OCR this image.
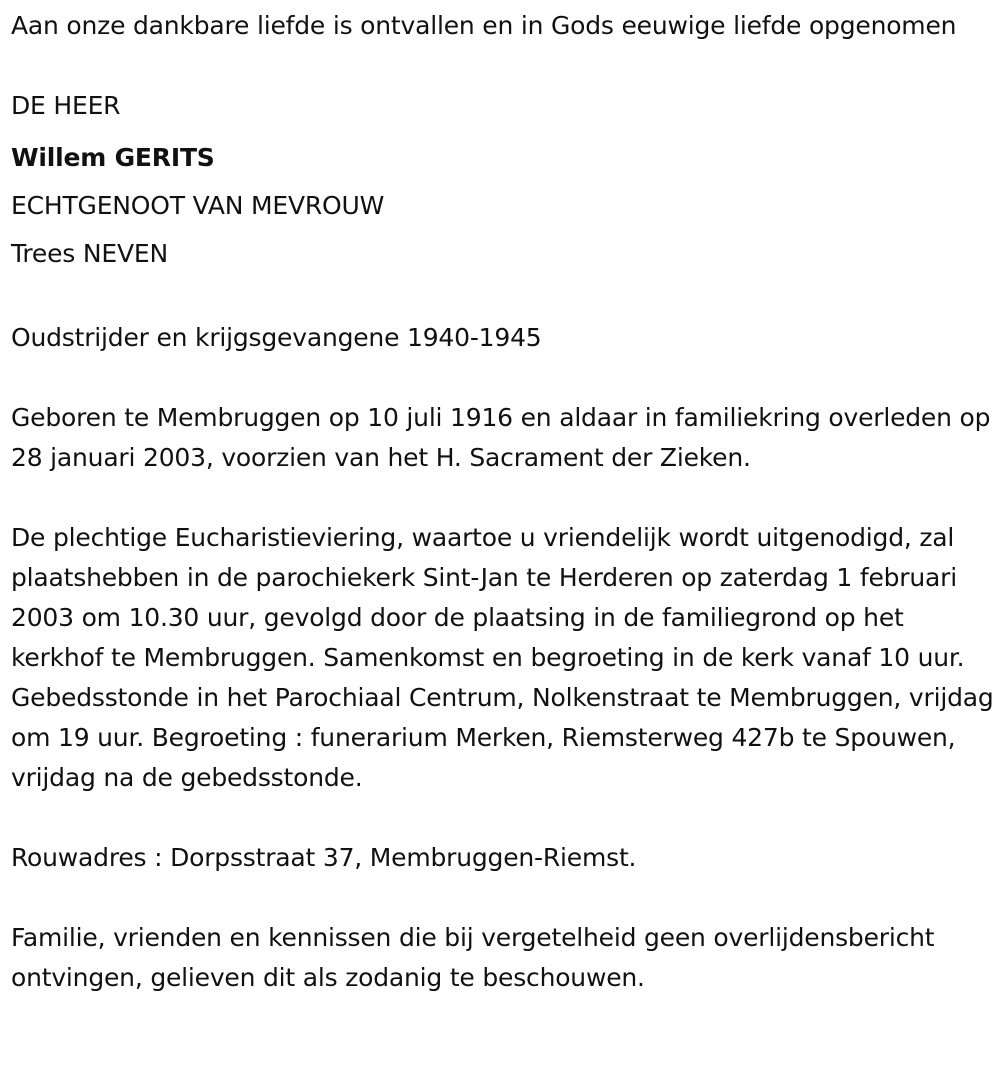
Aan onze dankbare liefde is ontvallen en in Gods eeuwige liefde opgenomen

DE HEER
Willem GERITS
ECHTGENOOT VAN MEVROUW
Trees NEVEN

Oudstrijder en krijgsgevangene 1940-1945

Geboren te Membruggen op 10 juli 1916 en aldaar in familiekring overleden op 28 januari 2003, voorzien van het H. Sacrament der Zieken.

De plechtige Eucharistieviering, waartoe u vriendelijk wordt uitgenodigd, zal plaatshebben in de parochiekerk Sint-Jan te Herderen op zaterdag 1 februari 2003 om 10.30 uur, gevolgd door de plaatsing in de familiegrond op het kerkhof te Membruggen. Samenkomst en begroeting in de kerk vanaf 10 uur. Gebedsstonde in het Parochiaal Centrum, Nolkenstraat te Membruggen, vrijdag om 19 uur. Begroeting : funerarium Merken, Riemsterweg 427b te Spouwen, vrijdag na de gebedsstonde.

Rouwadres : Dorpsstraat 37, Membruggen-Riemst.

Familie, vrienden en kennissen die bij vergetelheid geen overlijdensbericht ontvingen, gelieven dit als zodanig te beschouwen.
